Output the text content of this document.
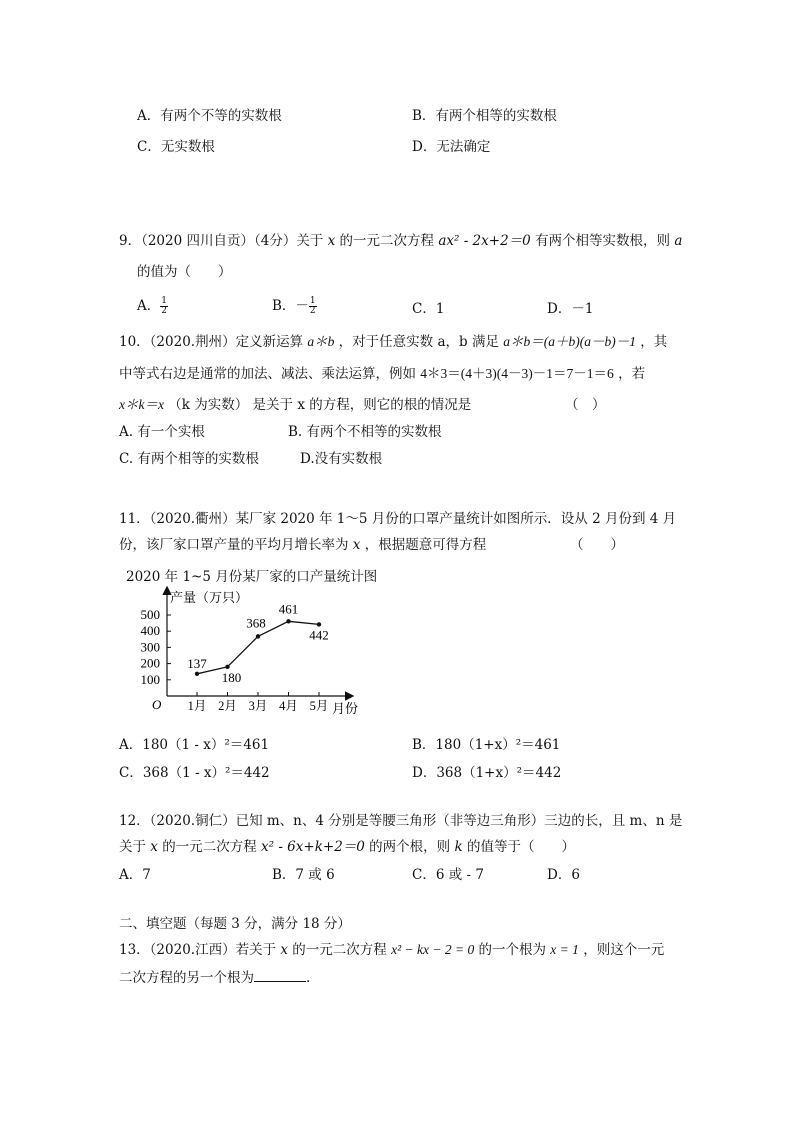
A．有两个不等的实数根	B．有两个相等的实数根
C．无实数根	D．无法确定
9．（2020 四川自贡）（4分）关于 x 的一元二次方程 ax² - 2x+2＝0 有两个相等实数根，则 a
的值为（　　）
A． $\frac{1}{2}$	B．－ $\frac{1}{2}$	C．1	D．－1
10．（2020.荆州）定义新运算 a＊b ，对于任意实数 a，b 满足 a＊b＝(a＋b)(a－b)－1 ，其
中等式右边是通常的加法、减法、乘法运算，例如 4＊3＝(4＋3)(4－3)－1＝7－1＝6 ，若
x＊k＝x （k 为实数） 是关于 x 的方程，则它的根的情况是	（　）
A. 有一个实根	B. 有两个不相等的实数根
C. 有两个相等的实数根	D.没有实数根
11．（2020.衢州）某厂家 2020 年 1～5 月份的口罩产量统计如图所示．设从 2 月份到 4 月
份，该厂家口罩产量的平均月增长率为 x ，根据题意可得方程	（　　）
2020 年 1~5 月份某厂家的口产量统计图
产量（万只）
月份
O
100
200
300
400
500
1月 2月 3月 4月 5月
137
180
368
461
442
A．180（1 - x）²＝461	B．180（1+x）²＝461
C．368（1 - x）²＝442	D．368（1+x）²＝442
12．（2020.铜仁）已知 m、n、4 分别是等腰三角形（非等边三角形）三边的长，且 m、n 是
关于 x 的一元二次方程 x² - 6x+k+2＝0 的两个根，则 k 的值等于（　　）
A．7	B．7 或 6	C．6 或 - 7	D．6
二、填空题（每题 3 分，满分 18 分）
13．（2020.江西）若关于 x 的一元二次方程 x² − kx − 2 = 0 的一个根为 x = 1 ，则这个一元
二次方程的另一个根为	.
